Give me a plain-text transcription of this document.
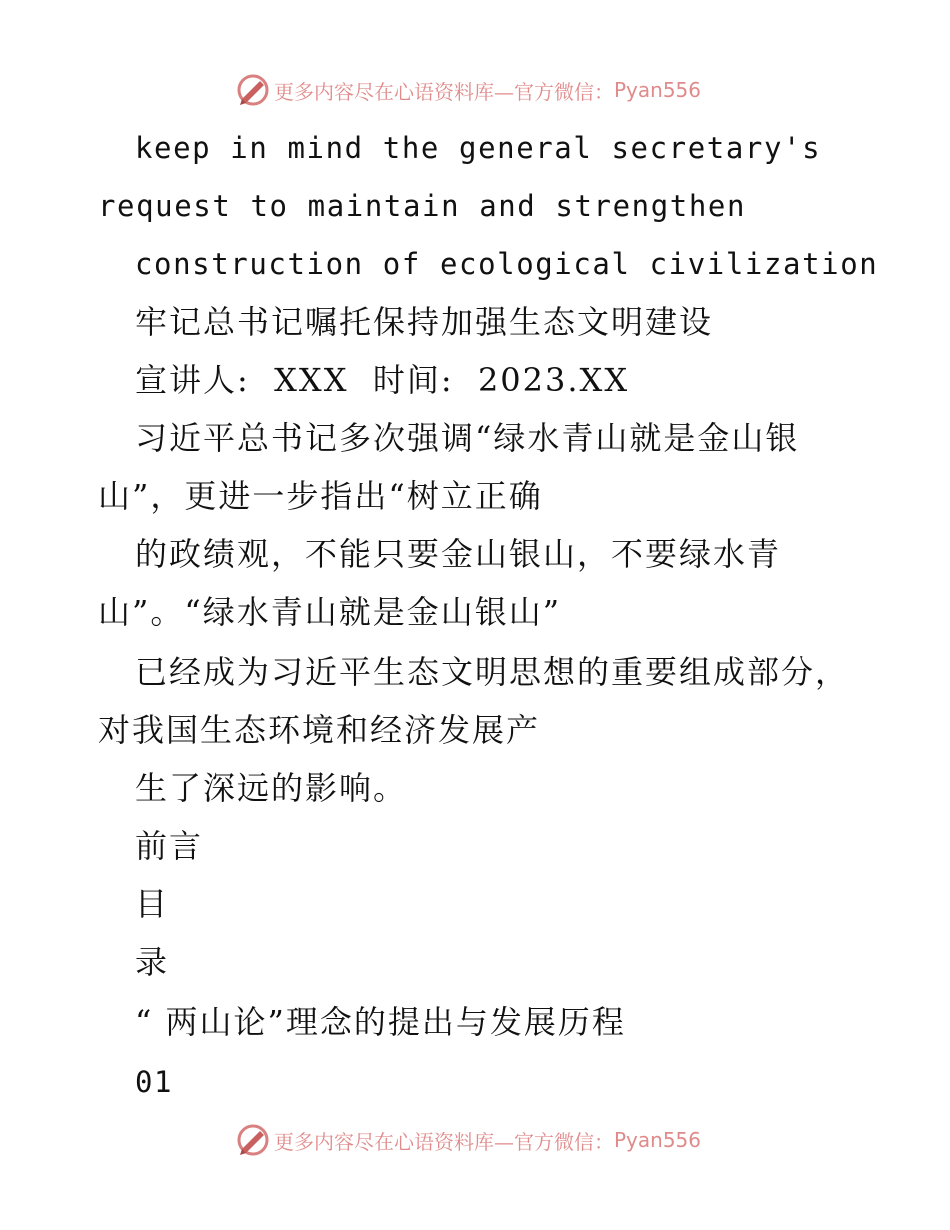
更多内容尽在心语资料库—官方微信： Pyan556
keep in mind the general secretary's
request to maintain and strengthen
construction of ecological civilization
牢记总书记嘱托保持加强生态文明建设
宣讲人:  XXX  时间:  2023.XX
习近平总书记多次强调“绿水青山就是金山银
山”，更进一步指出“树立正确
的政绩观，不能只要金山银山，不要绿水青
山”。“绿水青山就是金山银山”
已经成为习近平生态文明思想的重要组成部分，
对我国生态环境和经济发展产
生了深远的影响。
前言
目
录
“ 两山论”理念的提出与发展历程
01
更多内容尽在心语资料库—官方微信： Pyan556
